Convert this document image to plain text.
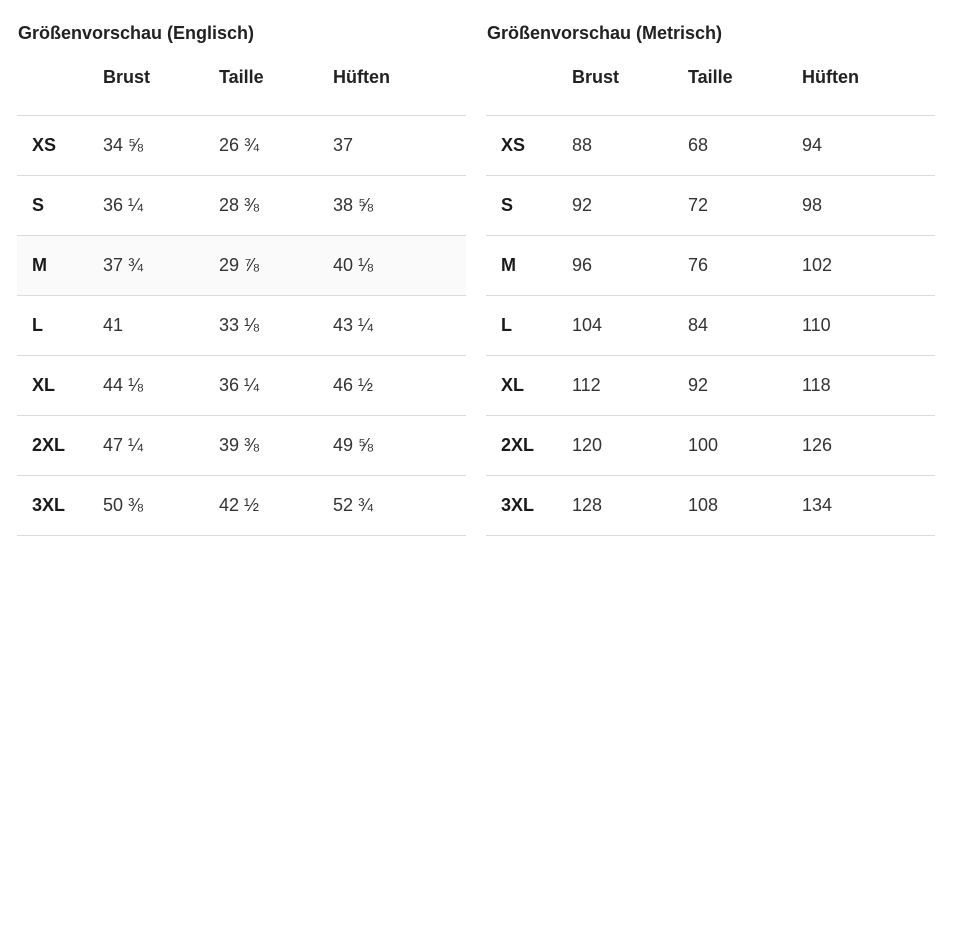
Größenvorschau (Englisch)

	Brust	Taille	Hüften

XS	34 ⅝	26 ¾	37
S	36 ¼	28 ⅜	38 ⅝
M	37 ¾	29 ⅞	40 ⅛
L	41	33 ⅛	43 ¼
XL	44 ⅛	36 ¼	46 ½
2XL	47 ¼	39 ⅜	49 ⅝
3XL	50 ⅜	42 ½	52 ¾
Größenvorschau (Metrisch)

	Brust	Taille	Hüften

XS	88	68	94
S	92	72	98
M	96	76	102
L	104	84	110
XL	112	92	118
2XL	120	100	126
3XL	128	108	134
